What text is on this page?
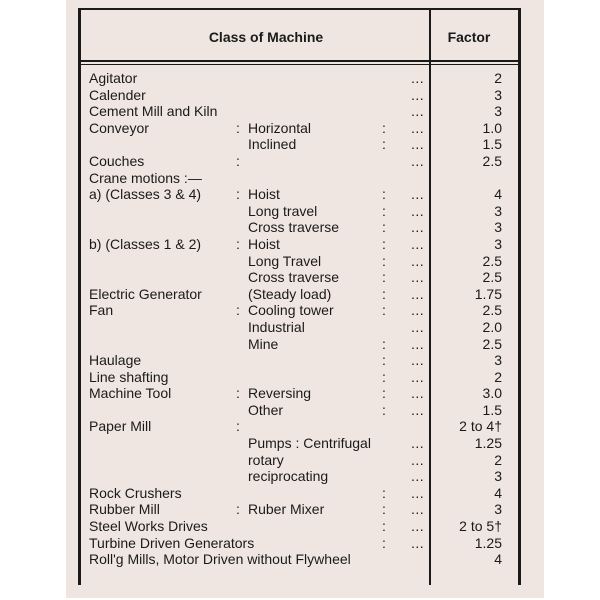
Class of Machine	Factor
Agitator	...	2
Calender	...	3
Cement Mill and Kiln	...	3
Conveyor	: Horizontal	: ...	1.0
Inclined	: ...	1.5
Couches	:	...	2.5
Crane motions :—
a) (Classes 3 & 4) : Hoist	: ...	4
Long travel	: ...	3
Cross traverse	: ...	3
b) (Classes 1 & 2) : Hoist	: ...	3
Long Travel	: ...	2.5
Cross traverse	: ...	2.5
Electric Generator	(Steady load)	: ...	1.75
Fan	: Cooling tower	: ...	2.5
Industrial	...	2.0
Mine	: ...	2.5
Haulage	: ...	3
Line shafting	: ...	2
Machine Tool	: Reversing	: ...	3.0
Other	: ...	1.5
Paper Mill	:	2 to 4†
Pumps : Centrifugal	...	1.25
rotary	...	2
reciprocating	...	3
Rock Crushers	: ...	4
Rubber Mill	: Ruber Mixer	: ...	3
Steel Works Drives	: ...	2 to 5†
Turbine Driven Generators	: ...	1.25
Roll'g Mills, Motor Driven without Flywheel	4
